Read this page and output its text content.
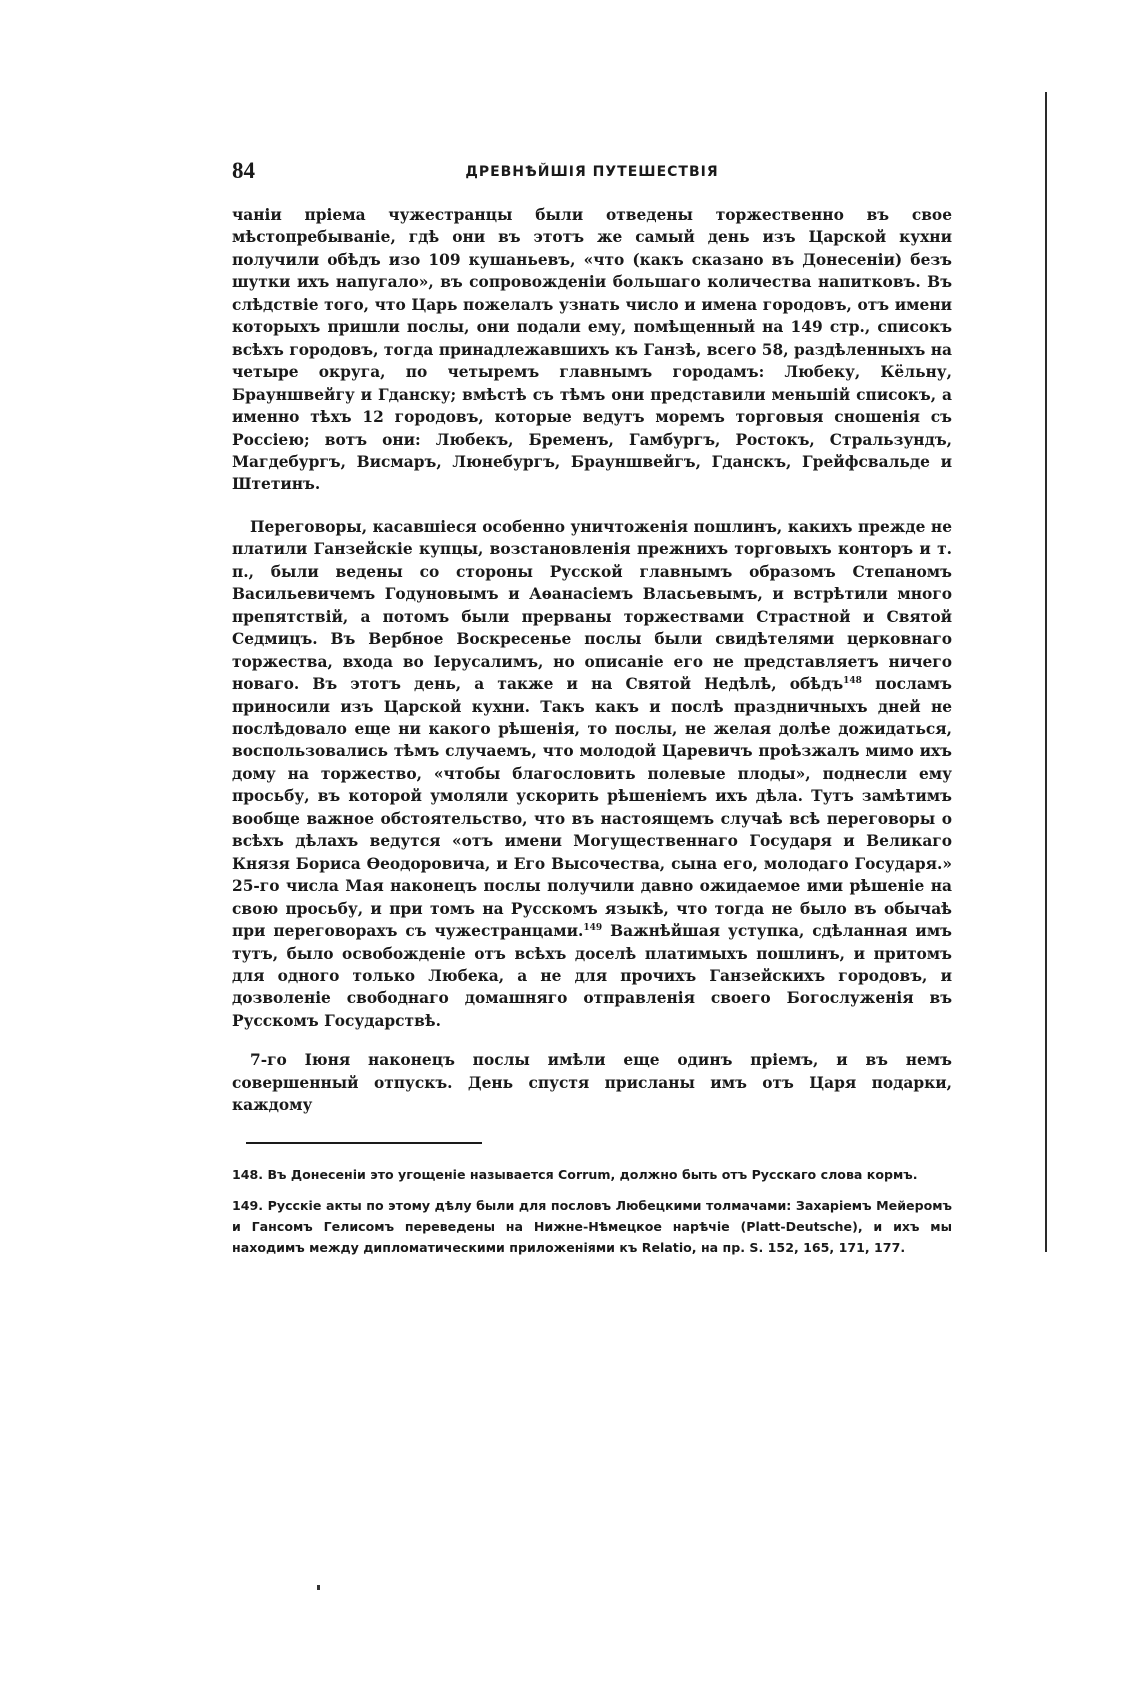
84	ДРЕВНѢЙШІЯ ПУТЕШЕСТВІЯ

чаніи пріема чужестранцы были отведены торжественно въ свое мѣстопребываніе, гдѣ они въ этотъ же самый день изъ Царской кухни получили обѣдъ изо 109 кушаньевъ, «что (какъ сказано въ Донесеніи) безъ шутки ихъ напугало», въ сопровожденіи большаго количества напитковъ. Въ слѣдствіе того, что Царь пожелалъ узнать число и имена городовъ, отъ имени которыхъ пришли послы, они подали ему, помѣщенный на 149 стр., списокъ всѣхъ городовъ, тогда принадлежавшихъ къ Ганзѣ, всего 58, раздѣленныхъ на четыре округа, по четыремъ главнымъ городамъ: Любеку, Кёльну, Брауншвейгу и Гданску; вмѣстѣ съ тѣмъ они представили меньшій списокъ, а именно тѣхъ 12 городовъ, которые ведутъ моремъ торговыя сношенія съ Россіею; вотъ они: Любекъ, Бременъ, Гамбургъ, Ростокъ, Стральзундъ, Магдебургъ, Висмаръ, Люнебургъ, Брауншвейгъ, Гданскъ, Грейфсвальде и Штетинъ.

Переговоры, касавшіеся особенно уничтоженія пошлинъ, какихъ прежде не платили Ганзейскіе купцы, возстановленія прежнихъ торговыхъ конторъ и т. п., были ведены со стороны Русской главнымъ образомъ Степаномъ Васильевичемъ Годуновымъ и Аѳанасіемъ Власьевымъ, и встрѣтили много препятствій, а потомъ были прерваны торжествами Страстной и Святой Седмицъ. Въ Вербное Воскресенье послы были свидѣтелями церковнаго торжества, входа во Іерусалимъ, но описаніе его не представляетъ ничего новаго. Въ этотъ день, а также и на Святой Недѣлѣ, обѣдъ$^{148}$ посламъ приносили изъ Царской кухни. Такъ какъ и послѣ праздничныхъ дней не послѣдовало еще ни какого рѣшенія, то послы, не желая долѣе дожидаться, воспользовались тѣмъ случаемъ, что молодой Царевичъ проѣзжалъ мимо ихъ дому на торжество, «чтобы благословить полевые плоды», поднесли ему просьбу, въ которой умоляли ускорить рѣшеніемъ ихъ дѣла. Тутъ замѣтимъ вообще важное обстоятельство, что въ настоящемъ случаѣ всѣ переговоры о всѣхъ дѣлахъ ведутся «отъ имени Могущественнаго Государя и Великаго Князя Бориса Ѳеодоровича, и Его Высочества, сына его, молодаго Государя.» 25-го числа Мая наконецъ послы получили давно ожидаемое ими рѣшеніе на свою просьбу, и при томъ на Русскомъ языкѣ, что тогда не было въ обычаѣ при переговорахъ съ чужестранцами.$^{149}$ Важнѣйшая уступка, сдѣланная имъ тутъ, было освобожденіе отъ всѣхъ доселѣ платимыхъ пошлинъ, и притомъ для одного только Любека, а не для прочихъ Ганзейскихъ городовъ, и дозволеніе свободнаго домашняго отправленія своего Богослуженія въ Русскомъ Государствѣ.

7-го Іюня наконецъ послы имѣли еще одинъ пріемъ, и въ немъ совершенный отпускъ. День спустя присланы имъ отъ Царя подарки, каждому

148. Въ Донесеніи это угощеніе называется Corrum, должно быть отъ Русскаго слова кормъ.

149. Русскіе акты по этому дѣлу были для пословъ Любецкими толмачами: Захаріемъ Мейеромъ и Гансомъ Гелисомъ переведены на Нижне-Нѣмецкое нарѣчіе (Platt-Deutsche), и ихъ мы находимъ между дипломатическими приложеніями къ Relatio, на пр. S. 152, 165, 171, 177.
